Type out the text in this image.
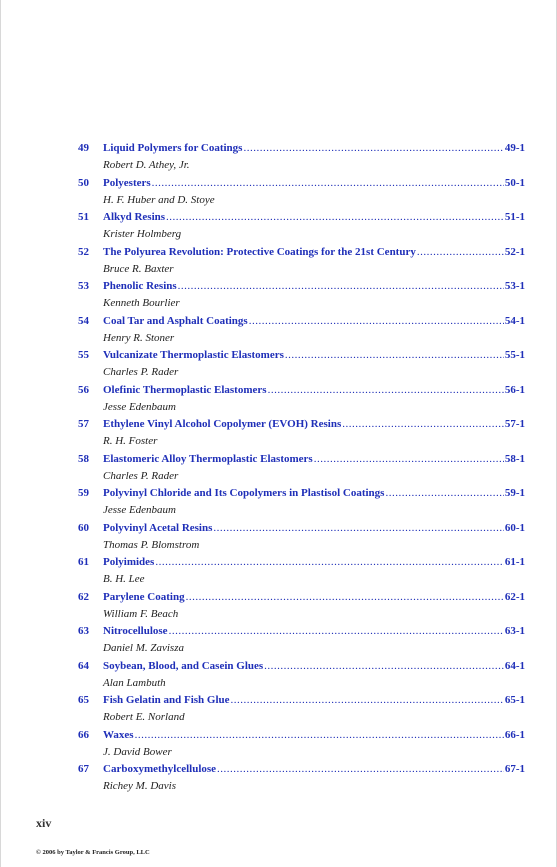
49	Liquid Polymers for Coatings .....	49-1
Robert D. Athey, Jr.
50	Polyesters .....	50-1
H. F. Huber and D. Stoye
51	Alkyd Resins .....	51-1
Krister Holmberg
52	The Polyurea Revolution: Protective Coatings for the 21st Century .....	52-1
Bruce R. Baxter
53	Phenolic Resins .....	53-1
Kenneth Bourlier
54	Coal Tar and Asphalt Coatings .....	54-1
Henry R. Stoner
55	Vulcanizate Thermoplastic Elastomers .....	55-1
Charles P. Rader
56	Olefinic Thermoplastic Elastomers .....	56-1
Jesse Edenbaum
57	Ethylene Vinyl Alcohol Copolymer (EVOH) Resins .....	57-1
R. H. Foster
58	Elastomeric Alloy Thermoplastic Elastomers .....	58-1
Charles P. Rader
59	Polyvinyl Chloride and Its Copolymers in Plastisol Coatings .....	59-1
Jesse Edenbaum
60	Polyvinyl Acetal Resins .....	60-1
Thomas P. Blomstrom
61	Polyimides .....	61-1
B. H. Lee
62	Parylene Coating .....	62-1
William F. Beach
63	Nitrocellulose .....	63-1
Daniel M. Zavisza
64	Soybean, Blood, and Casein Glues .....	64-1
Alan Lambuth
65	Fish Gelatin and Fish Glue .....	65-1
Robert E. Norland
66	Waxes .....	66-1
J. David Bower
67	Carboxymethylcellulose .....	67-1
Richey M. Davis
xiv
© 2006 by Taylor & Francis Group, LLC
